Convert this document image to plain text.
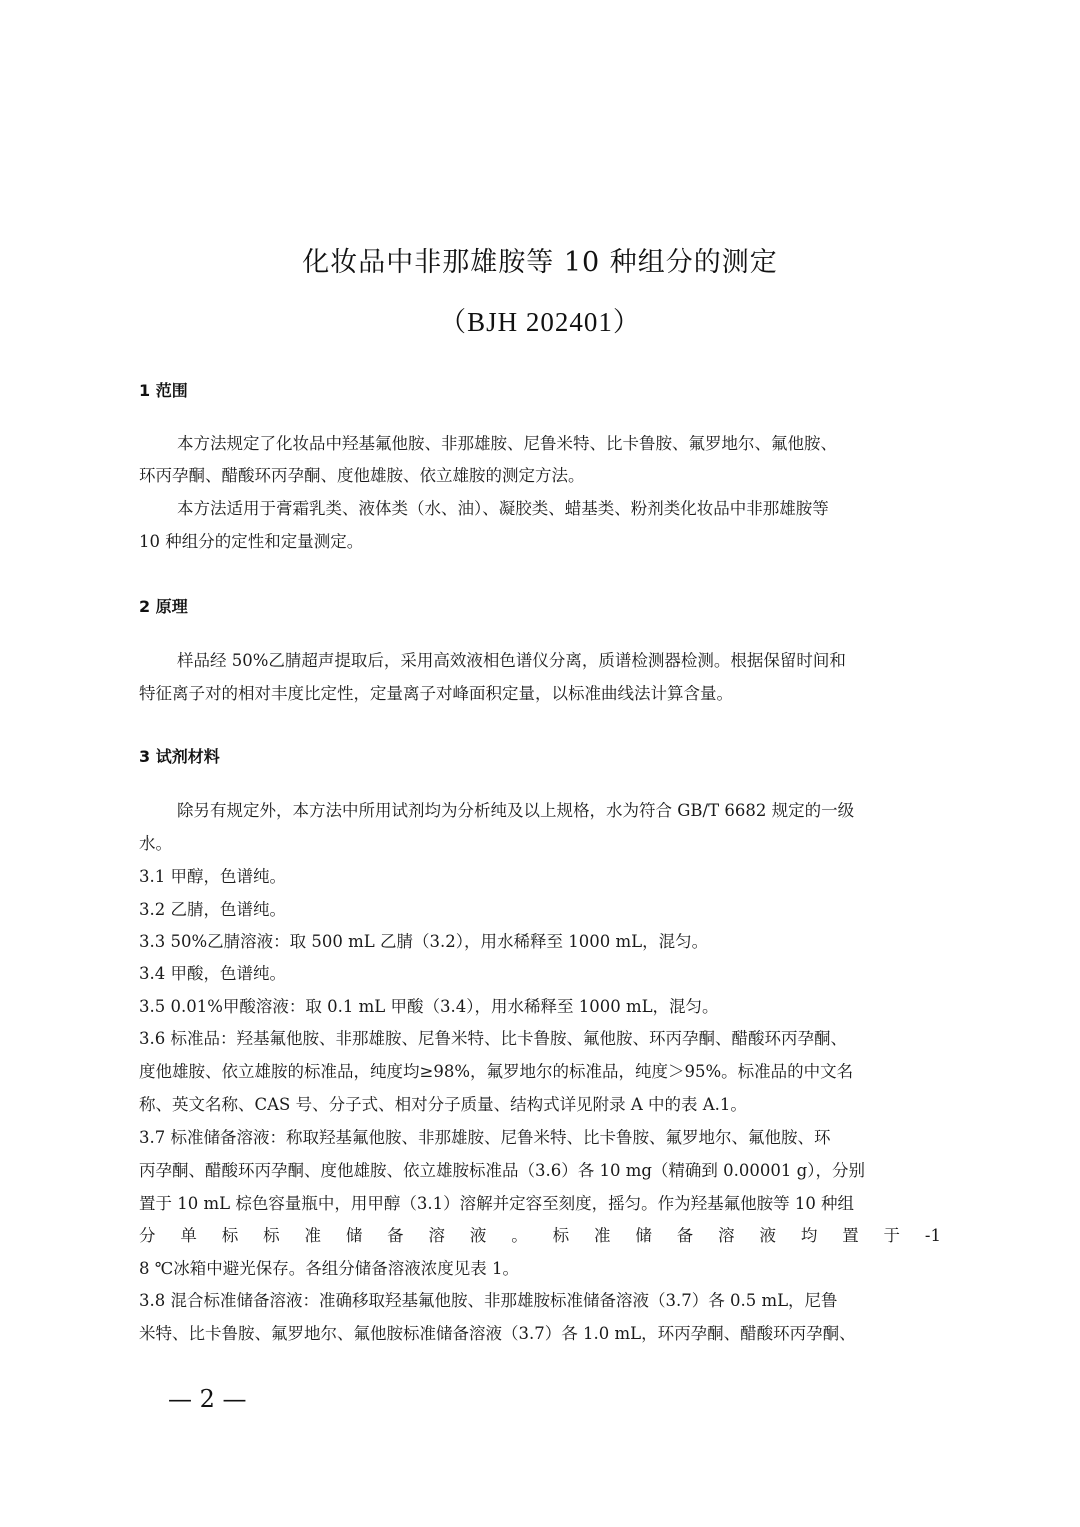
化妆品中非那雄胺等 10 种组分的测定
（BJH 202401）
1 范围
本方法规定了化妆品中羟基氟他胺、非那雄胺、尼鲁米特、比卡鲁胺、氟罗地尔、氟他胺、
环丙孕酮、醋酸环丙孕酮、度他雄胺、依立雄胺的测定方法。
本方法适用于膏霜乳类、液体类（水、油）、凝胶类、蜡基类、粉剂类化妆品中非那雄胺等
10 种组分的定性和定量测定。
2 原理
样品经 50%乙腈超声提取后，采用高效液相色谱仪分离，质谱检测器检测。根据保留时间和
特征离子对的相对丰度比定性，定量离子对峰面积定量，以标准曲线法计算含量。
3 试剂材料
除另有规定外，本方法中所用试剂均为分析纯及以上规格，水为符合 GB/T 6682 规定的一级
水。
3.1 甲醇，色谱纯。
3.2 乙腈，色谱纯。
3.3 50%乙腈溶液：取 500 mL 乙腈（3.2），用水稀释至 1000 mL，混匀。
3.4 甲酸，色谱纯。
3.5 0.01%甲酸溶液：取 0.1 mL 甲酸（3.4），用水稀释至 1000 mL，混匀。
3.6 标准品：羟基氟他胺、非那雄胺、尼鲁米特、比卡鲁胺、氟他胺、环丙孕酮、醋酸环丙孕酮、
度他雄胺、依立雄胺的标准品，纯度均≥98%，氟罗地尔的标准品，纯度＞95%。标准品的中文名
称、英文名称、CAS 号、分子式、相对分子质量、结构式详见附录 A 中的表 A.1。
3.7 标准储备溶液：称取羟基氟他胺、非那雄胺、尼鲁米特、比卡鲁胺、氟罗地尔、氟他胺、环
丙孕酮、醋酸环丙孕酮、度他雄胺、依立雄胺标准品（3.6）各 10 mg（精确到 0.00001 g），分别
置于 10 mL 棕色容量瓶中，用甲醇（3.1）溶解并定容至刻度，摇匀。作为羟基氟他胺等 10 种组
分 单 标 标 准 储 备 溶 液 。 标 准 储 备 溶 液 均 置 于 -1
8 ℃冰箱中避光保存。各组分储备溶液浓度见表 1。
3.8 混合标准储备溶液：准确移取羟基氟他胺、非那雄胺标准储备溶液（3.7）各 0.5 mL，尼鲁
米特、比卡鲁胺、氟罗地尔、氟他胺标准储备溶液（3.7）各 1.0 mL，环丙孕酮、醋酸环丙孕酮、
— 2 —
